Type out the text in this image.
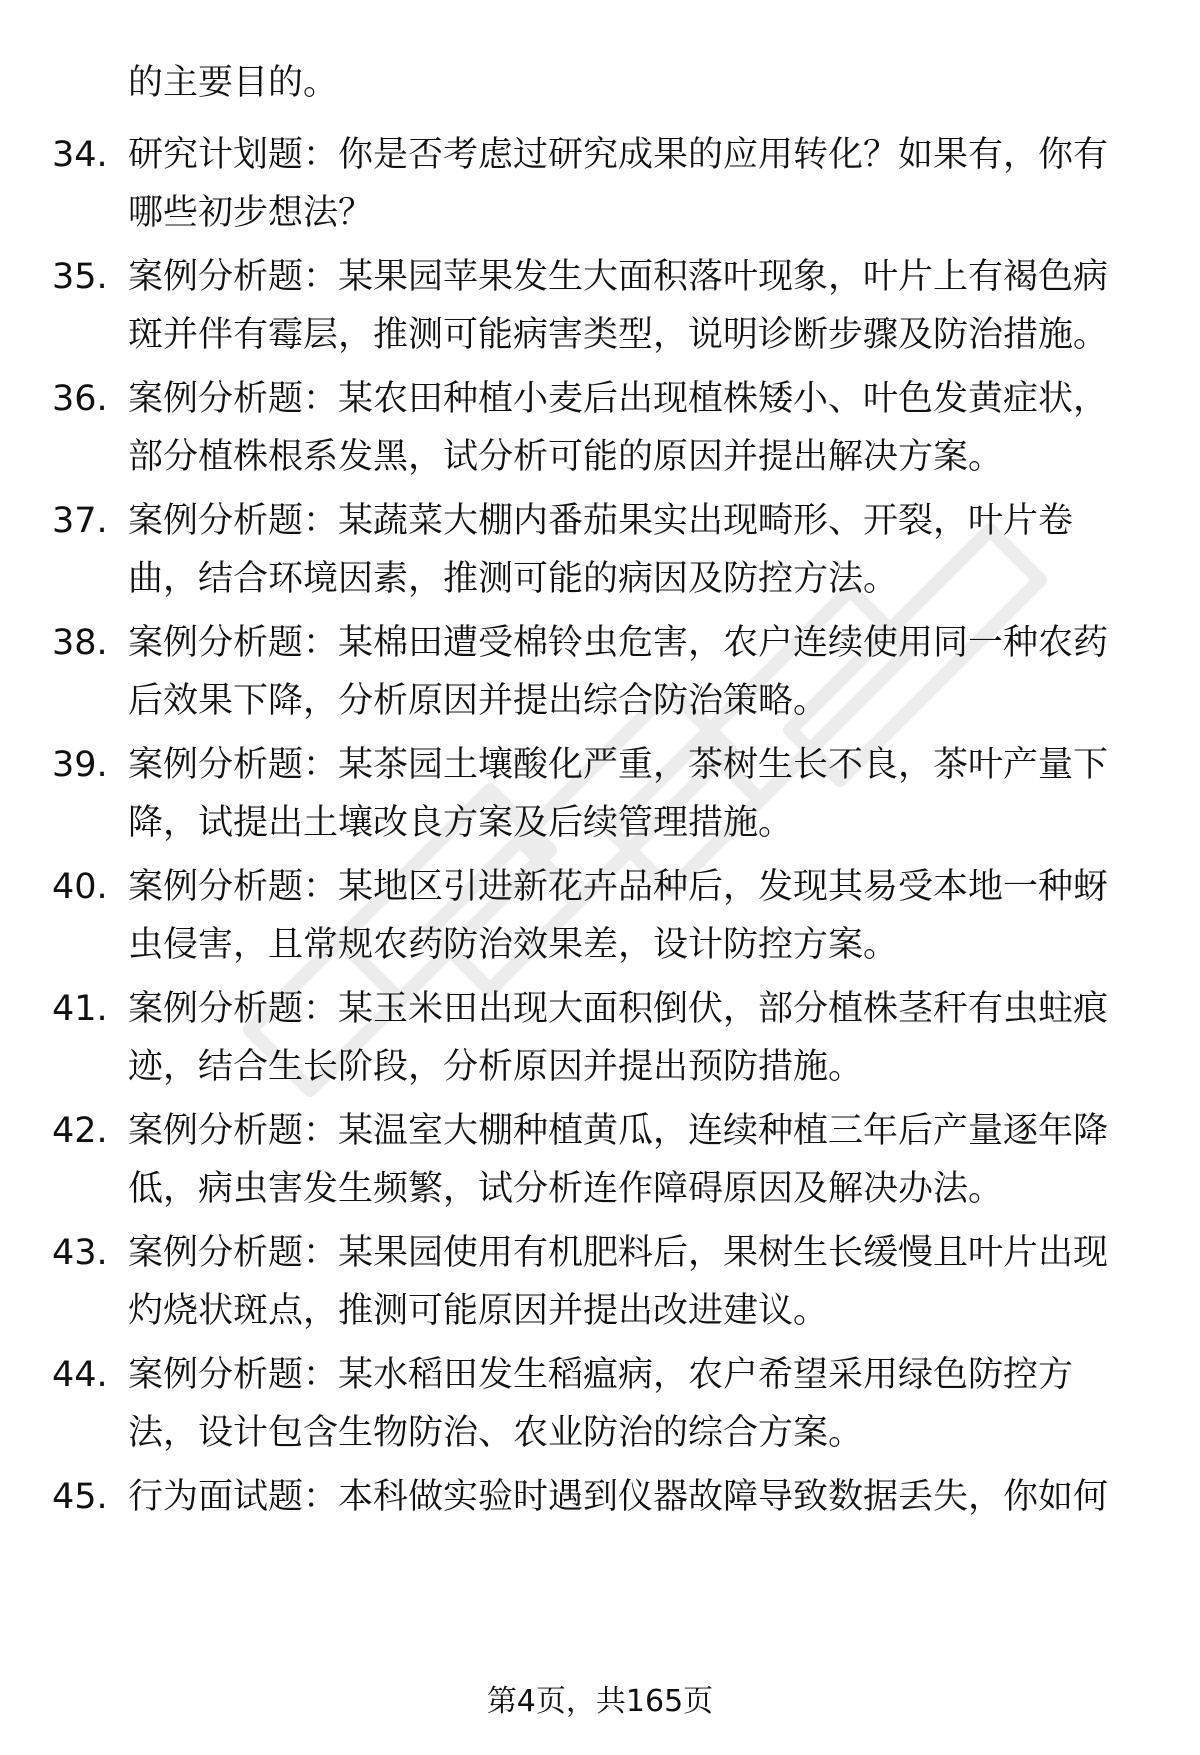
的主要目的。
34. 研究计划题：你是否考虑过研究成果的应用转化？如果有，你有
哪些初步想法？
35. 案例分析题：某果园苹果发生大面积落叶现象，叶片上有褐色病
斑并伴有霉层，推测可能病害类型，说明诊断步骤及防治措施。
36. 案例分析题：某农田种植小麦后出现植株矮小、叶色发黄症状，
部分植株根系发黑，试分析可能的原因并提出解决方案。
37. 案例分析题：某蔬菜大棚内番茄果实出现畸形、开裂，叶片卷
曲，结合环境因素，推测可能的病因及防控方法。
38. 案例分析题：某棉田遭受棉铃虫危害，农户连续使用同一种农药
后效果下降，分析原因并提出综合防治策略。
39. 案例分析题：某茶园土壤酸化严重，茶树生长不良，茶叶产量下
降，试提出土壤改良方案及后续管理措施。
40. 案例分析题：某地区引进新花卉品种后，发现其易受本地一种蚜
虫侵害，且常规农药防治效果差，设计防控方案。
41. 案例分析题：某玉米田出现大面积倒伏，部分植株茎秆有虫蛀痕
迹，结合生长阶段，分析原因并提出预防措施。
42. 案例分析题：某温室大棚种植黄瓜，连续种植三年后产量逐年降
低，病虫害发生频繁，试分析连作障碍原因及解决办法。
43. 案例分析题：某果园使用有机肥料后，果树生长缓慢且叶片出现
灼烧状斑点，推测可能原因并提出改进建议。
44. 案例分析题：某水稻田发生稻瘟病，农户希望采用绿色防控方
法，设计包含生物防治、农业防治的综合方案。
45. 行为面试题：本科做实验时遇到仪器故障导致数据丢失，你如何
第4页，共165页
